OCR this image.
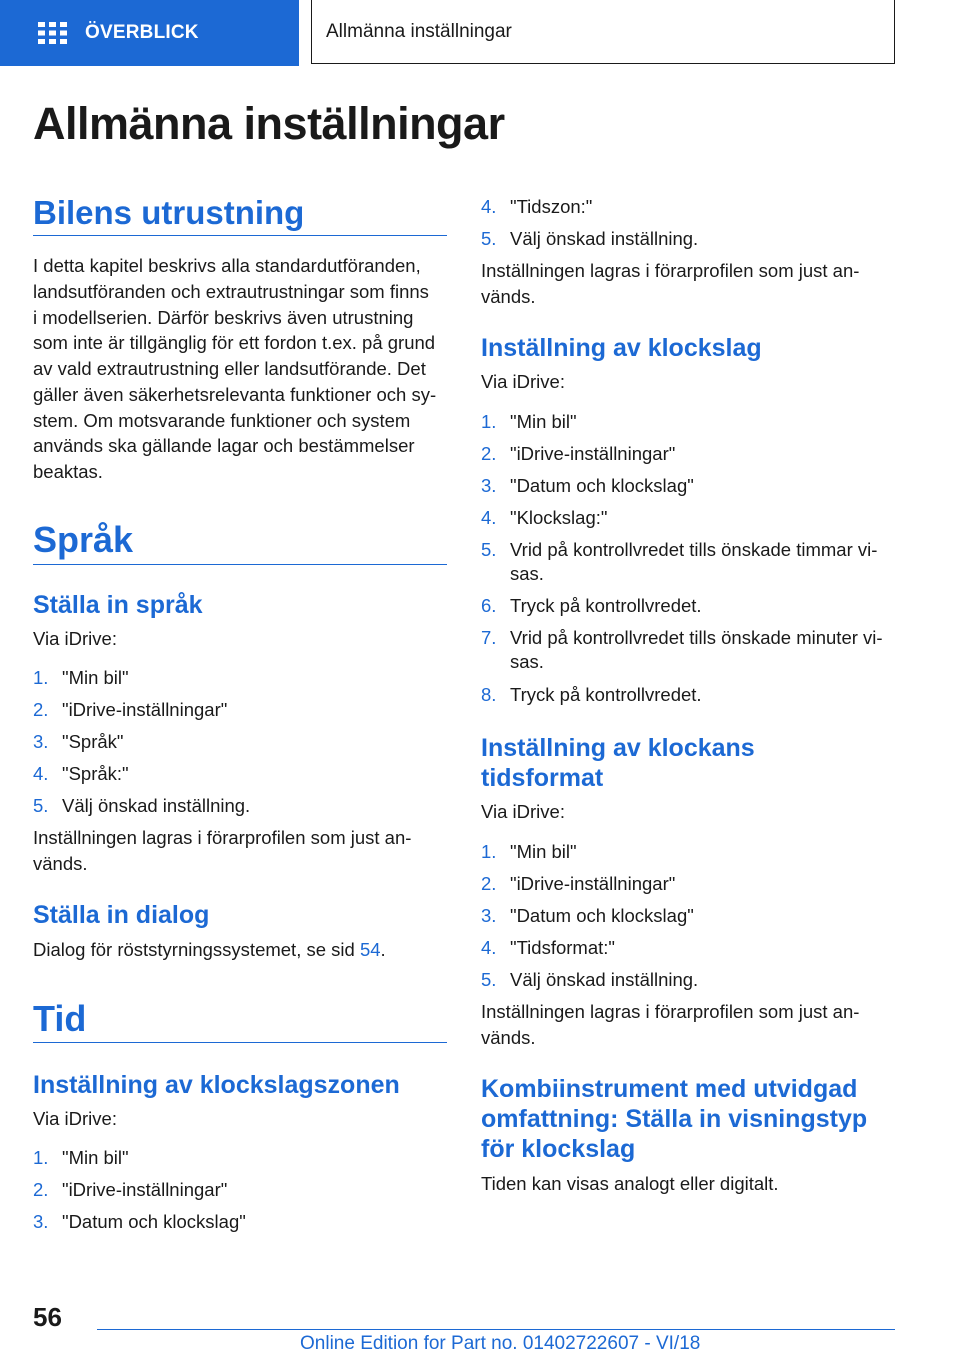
ÖVERBLICK	Allmänna inställningar
Allmänna inställningar
Bilens utrustning

I detta kapitel beskrivs alla standardutföranden,

landsutföranden och extrautrustningar som finns

i modellserien. Därför beskrivs även utrustning

som inte är tillgänglig för ett fordon t.ex. på grund

av vald extrautrustning eller landsutförande. Det

gäller även säkerhetsrelevanta funktioner och sy-

stem. Om motsvarande funktioner och system

används ska gällande lagar och bestämmelser

beaktas.

Språk
Ställa in språk

Via iDrive:

1. "Min bil"
2. "iDrive-inställningar"
3. "Språk"
4. "Språk:"
5. Välj önskad inställning.

Inställningen lagras i förarprofilen som just an-

vänds.

Ställa in dialog

Dialog för röststyrningssystemet, se sid 54.

Tid
Inställning av klockslagszonen

Via iDrive:

1. "Min bil"
2. "iDrive-inställningar"
3. "Datum och klockslag"
4. "Tidszon:"
5. Välj önskad inställning.

Inställningen lagras i förarprofilen som just an-

vänds.

Inställning av klockslag

Via iDrive:

1. "Min bil"
2. "iDrive-inställningar"
3. "Datum och klockslag"
4. "Klockslag:"
5. Vrid på kontrollvredet tills önskade timmar vi-
sas.
6. Tryck på kontrollvredet.
7. Vrid på kontrollvredet tills önskade minuter vi-
sas.
8. Tryck på kontrollvredet.
Inställning av klockans
tidsformat

Via iDrive:

1. "Min bil"
2. "iDrive-inställningar"
3. "Datum och klockslag"
4. "Tidsformat:"
5. Välj önskad inställning.

Inställningen lagras i förarprofilen som just an-

vänds.

Kombiinstrument med utvidgad
omfattning: Ställa in visningstyp
för klockslag

Tiden kan visas analogt eller digitalt.

56
Online Edition for Part no. 01402722607 - VI/18
